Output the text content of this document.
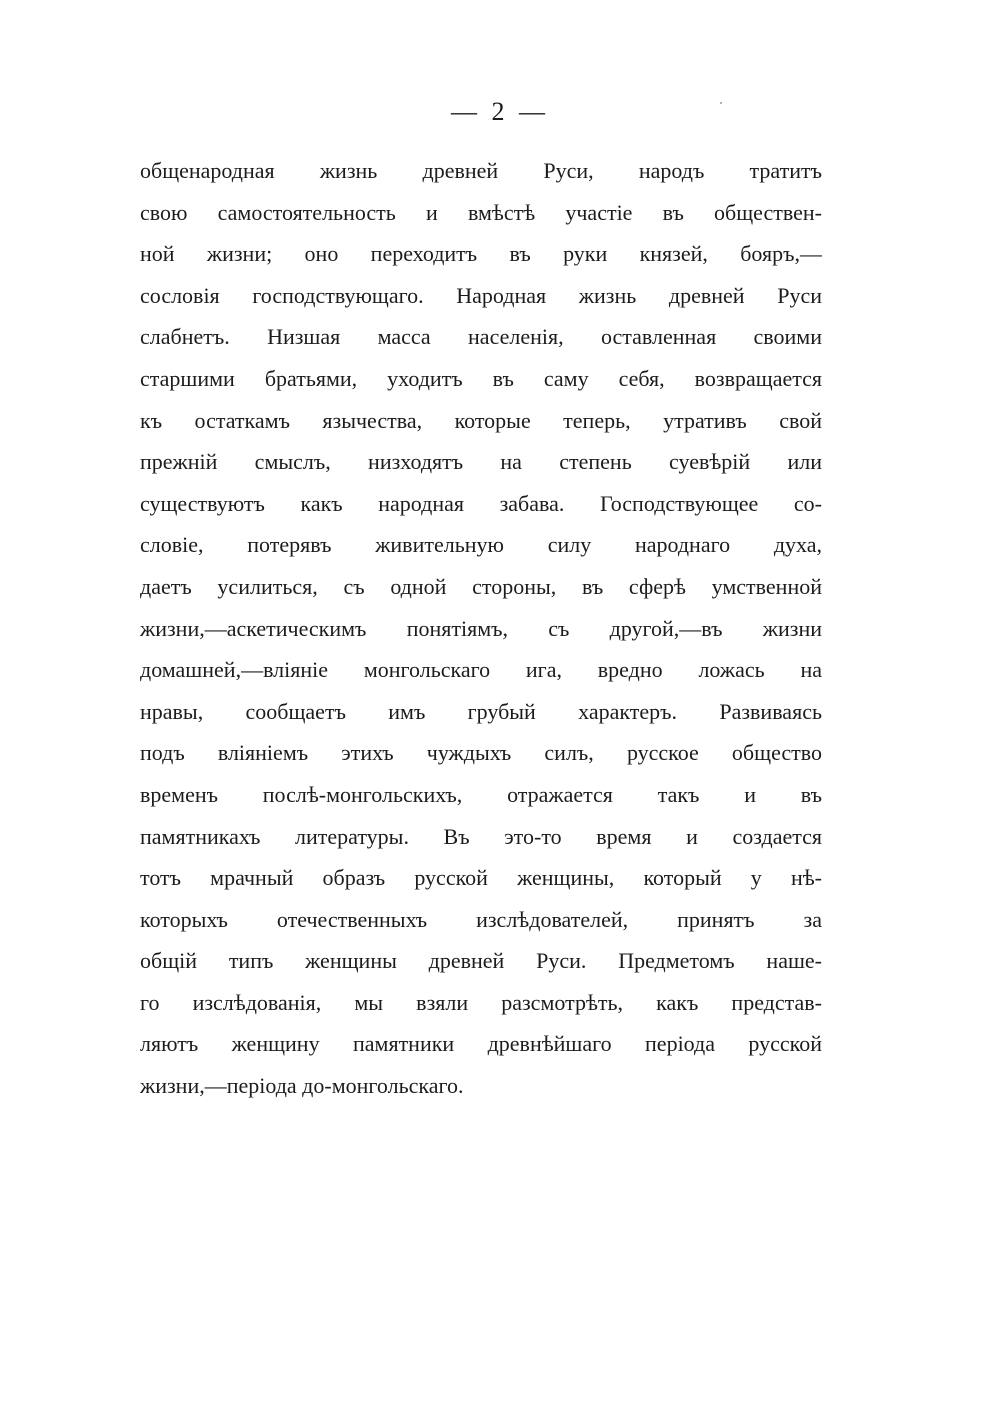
— 2 —
общенародная жизнь древней Руси, народъ тратитъ
свою самостоятельность и вмѣстѣ участіе въ обществен-
ной жизни; оно переходитъ въ руки князей, бояръ,—
сословія господствующаго. Народная жизнь древней Руси
слабнетъ. Низшая масса населенія, оставленная своими
старшими братьями, уходитъ въ саму себя, возвращается
къ остаткамъ язычества, которые теперь, утративъ свой
прежній смыслъ, низходятъ на степень суевѣрій или
существуютъ какъ народная забава. Господствующее со-
словіе, потерявъ живительную силу народнаго духа,
даетъ усилиться, съ одной стороны, въ сферѣ умственной
жизни,—аскетическимъ понятіямъ, съ другой,—въ жизни
домашней,—вліяніе монгольскаго ига, вредно ложась на
нравы, сообщаетъ имъ грубый характеръ. Развиваясь
подъ вліяніемъ этихъ чуждыхъ силъ, русское общество
временъ послѣ-монгольскихъ, отражается такъ и въ
памятникахъ литературы. Въ это-то время и создается
тотъ мрачный образъ русской женщины, который у нѣ-
которыхъ отечественныхъ изслѣдователей, принятъ за
общій типъ женщины древней Руси. Предметомъ наше-
го изслѣдованія, мы взяли разсмотрѣть, какъ представ-
ляютъ женщину памятники древнѣйшаго періода русской
жизни,—періода до-монгольскаго.
